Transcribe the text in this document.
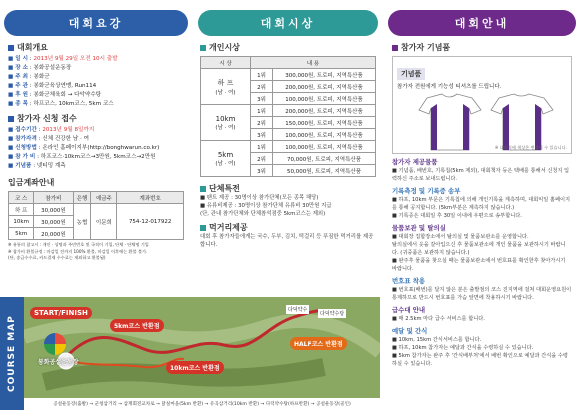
대회요강
대회개요
■ 일 시 : 2013년 9월 29일 오전 10시 출발
■ 장 소 : 봉화공설운동장
■ 주 최 : 봉화군
■ 주 관 : 봉화군육상연맹, Run114
■ 후 원 : 봉화군체육회 → 다악약수탕
■ 종 목 : 하프코스, 10km코스, 5km 코스
참가자 신청 접수
■ 접수기간 : 2013년 9월 8일까지
■ 참가자격 : 신체 건강한 남 · 여
■ 신청방법 : 온라인 홈페이지부(http://bonghwarun.co.kr)
■ 참 가 비 : 하프코스·10km코스→3만원, 5km코스→2만원
■ 기념품 : 넷티밍 계측
입금계좌안내
코 스	참가비	은행	예금주	계좌번호
하 프	30,000원	농협	이문희	754-12-017922
10km	30,000원			
5km	20,000원			
※ 유통의 참고시 : 개인 · 상명과 주민번호 및 국적이 기입, 단체 · 단체명 기입
※ 참가비 환불규정 : 마감일 전까지 100% 환불, 마감일 이후에는 환불 불가.
(단, 송금수수료, 카드결제 수수료는 제외하고 환불됨)
대회시상
개인시상
시 상	내 용	

하 프
(남 · 여)	1위	300,000원, 트로피, 지역특산품
	2위	200,000원, 트로피, 지역특산품
	3위	100,000원, 트로피, 지역특산품

10km
(남 · 여)	1위	200,000원, 트로피, 지역특산품
	2위	150,000원, 트로피, 지역특산품
	3위	100,000원, 트로피, 지역특산품

5km
(남 · 여)	1위	100,000원, 트로피, 지역특산품
	2위	70,000원, 트로피, 지역특산품
	3위	50,000원, 트로피, 지역특산품
단체특전
■ 팬트 제공 : 30명이상 참가단체(모든 종목 해당)
■ 유류비제공 : 30명이상 참가단체 유류비 30만원 지급
(단, 관내 참가단체와 단체참석점중 5km코스는 제외)
먹거리제공
대회 후 참가자들에게는 국수, 두부, 김치, 떡걸리 등 푸짐한 먹거리를 제공합니다.
대회안내
참가자 기념품
기념품
참가자 전원에게 기능성 티셔츠를 드립니다.
※ 대회칙에 색상은 변경될 수 있습니다.
참가자 제공물품
■ 기념품, 배번호, 기록칩(5km 제외), 대회책자 등은 택배를 통해서 신청지 입력하신 주소로 보내드립니다.
기록측정 및 기록증 송부
■ 하프, 10km 부문은 기록칩에 의해 개인기록을 계측하며, 대회익일 홈페이지를 통해 공지합니다. (5km부분은 계측하지 않습니다.)
■ 기록증은 대회일 후 30일 이내에 우편으로 송부합니다.
물품보관 및 탈의실
■ 대회장 집합장소에서 탈의실 및 물품보관소를 운영합니다.
탈의실에서 옷을 갈아입으신 후 물품보관소에 개인 물품을 보관하시기 바랍니다. (귀중품은 보관하지 않습니다.)
■ 완주후 물품을 찾으실 때는 물품보관소에서 번호표를 확인한후 찾아가시기 바랍니다.
번호표 착용
■ 번호표(배번)를 달지 않은 분은 출발점의 코스 진지역에 걸쳐 대회운영요원이 통제하므로 반드시 번호표를 가슴 앞면에 착용하시기 바랍니다.
급수대 안내
■ 매 2.5km 마다 급수 서비스를 합니다.
예달 및 간식
■ 10km, 15km 간식서비스를 합니다.
■ 하프, 10km 참가자는 예달과 간식을 수령하실 수 있습니다.
■ 5km 참가자는 완주 후 '간식배부처'에서 배번 확인으로 예달과 간식을 수령하실 수 있습니다.
COURSE MAP
START/FINISH
봉화공설운동장
5km코스 반환점
10km코스 반환점
HALF코스 반환점
다덕약수
다덕약수탕
공설운동장(출발) → 군청삼거리 → 삼계회전교차로 → 닭실마을(5km 반환) → 유곡삼거리(10km 반환) → 다덕약수탕(하프반환) → 공설운동장(골인)
